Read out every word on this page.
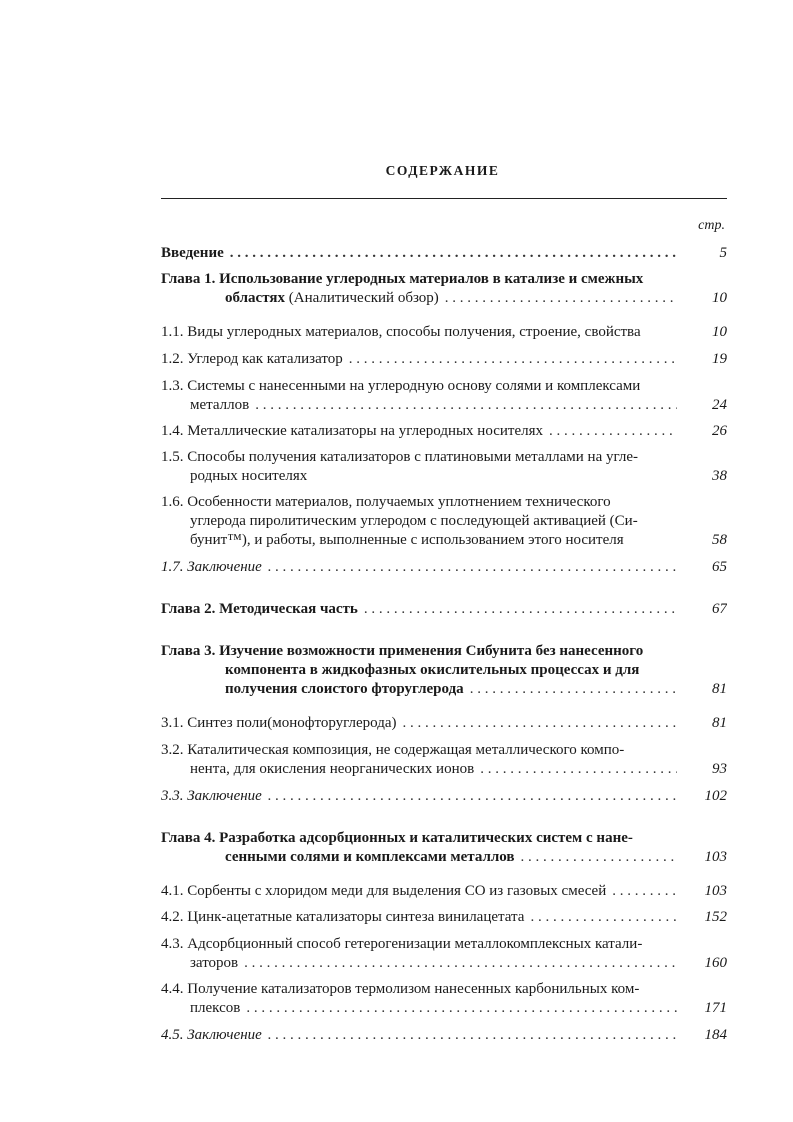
СОДЕРЖАНИЕ
стр.
Введение . . .	5
Глава 1. Использование углеродных материалов в катализе и смежных
областях (Аналитический обзор) . . .	10
1.1. Виды углеродных материалов, способы получения, строение, свойства	10
1.2. Углерод как катализатор . . .	19
1.3. Системы с нанесенными на углеродную основу солями и комплексами
металлов . . .	24
1.4. Металлические катализаторы на углеродных носителях . . .	26
1.5. Способы получения катализаторов с платиновыми металлами на угле-
родных носителях	38
1.6. Особенности материалов, получаемых уплотнением технического
углерода пиролитическим углеродом с последующей активацией (Си-
бунит™), и работы, выполненные с использованием этого носителя	58
1.7. Заключение . . .	65
Глава 2. Методическая часть . . .	67
Глава 3. Изучение возможности применения Сибунита без нанесенного
компонента в жидкофазных окислительных процессах и для
получения слоистого фторуглерода . . .	81
3.1. Синтез поли(монофторуглерода) . . .	81
3.2. Каталитическая композиция, не содержащая металлического компо-
нента, для окисления неорганических ионов . . .	93
3.3. Заключение . . .	102
Глава 4. Разработка адсорбционных и каталитических систем с нане-
сенными солями и комплексами металлов . . .	103
4.1. Сорбенты с хлоридом меди для выделения СО из газовых смесей . . .	103
4.2. Цинк-ацетатные катализаторы синтеза винилацетата . . .	152
4.3. Адсорбционный способ гетерогенизации металлокомплексных катали-
заторов . . .	160
4.4. Получение катализаторов термолизом нанесенных карбонильных ком-
плексов . . .	171
4.5. Заключение . . .	184
